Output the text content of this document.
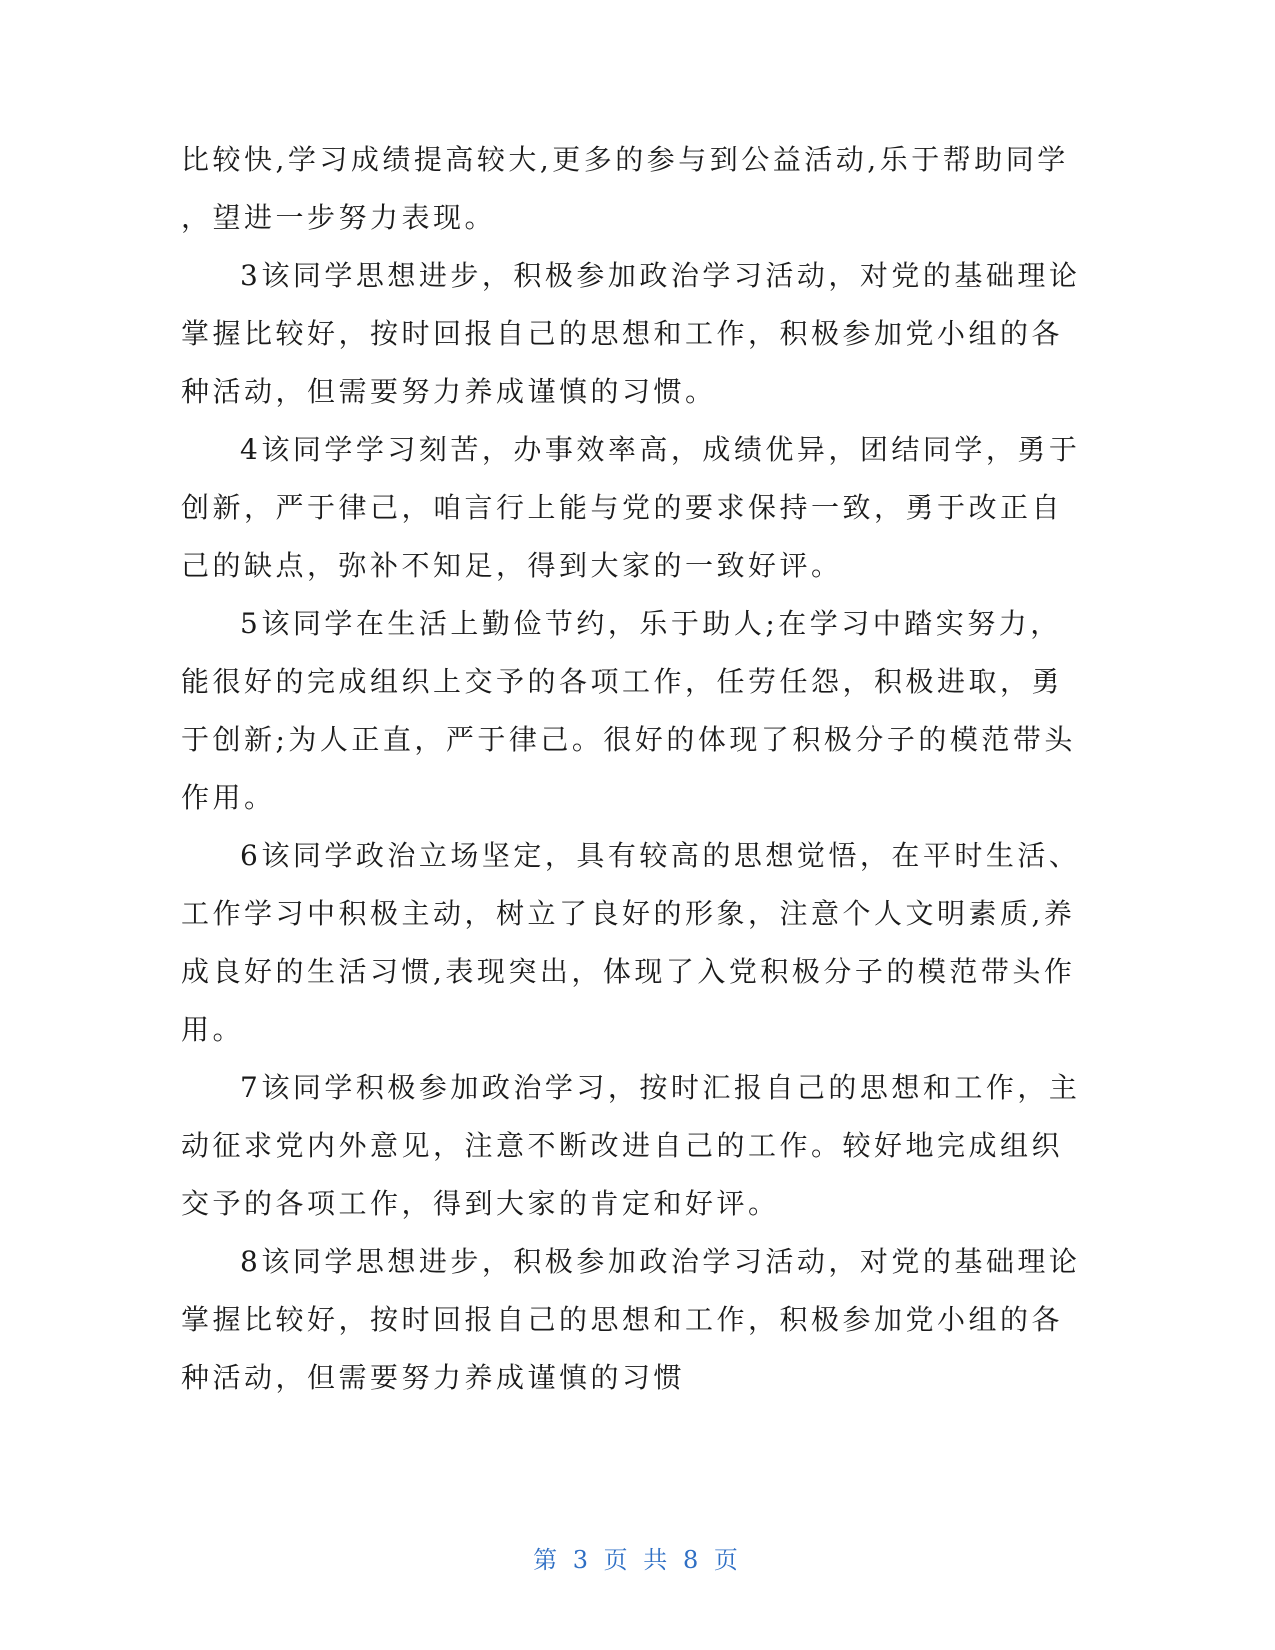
比较快,学习成绩提高较大,更多的参与到公益活动,乐于帮助同学
，望进一步努力表现。
3该同学思想进步，积极参加政治学习活动，对党的基础理论
掌握比较好，按时回报自己的思想和工作，积极参加党小组的各
种活动，但需要努力养成谨慎的习惯。
4该同学学习刻苦，办事效率高，成绩优异，团结同学，勇于
创新，严于律己，咱言行上能与党的要求保持一致，勇于改正自
己的缺点，弥补不知足，得到大家的一致好评。
5该同学在生活上勤俭节约，乐于助人;在学习中踏实努力，
能很好的完成组织上交予的各项工作，任劳任怨，积极进取，勇
于创新;为人正直，严于律己。很好的体现了积极分子的模范带头
作用。
6该同学政治立场坚定，具有较高的思想觉悟，在平时生活、
工作学习中积极主动，树立了良好的形象，注意个人文明素质,养
成良好的生活习惯,表现突出，体现了入党积极分子的模范带头作
用。
7该同学积极参加政治学习，按时汇报自己的思想和工作，主
动征求党内外意见，注意不断改进自己的工作。较好地完成组织
交予的各项工作，得到大家的肯定和好评。
8该同学思想进步，积极参加政治学习活动，对党的基础理论
掌握比较好，按时回报自己的思想和工作，积极参加党小组的各
种活动，但需要努力养成谨慎的习惯
第 3 页 共 8 页
